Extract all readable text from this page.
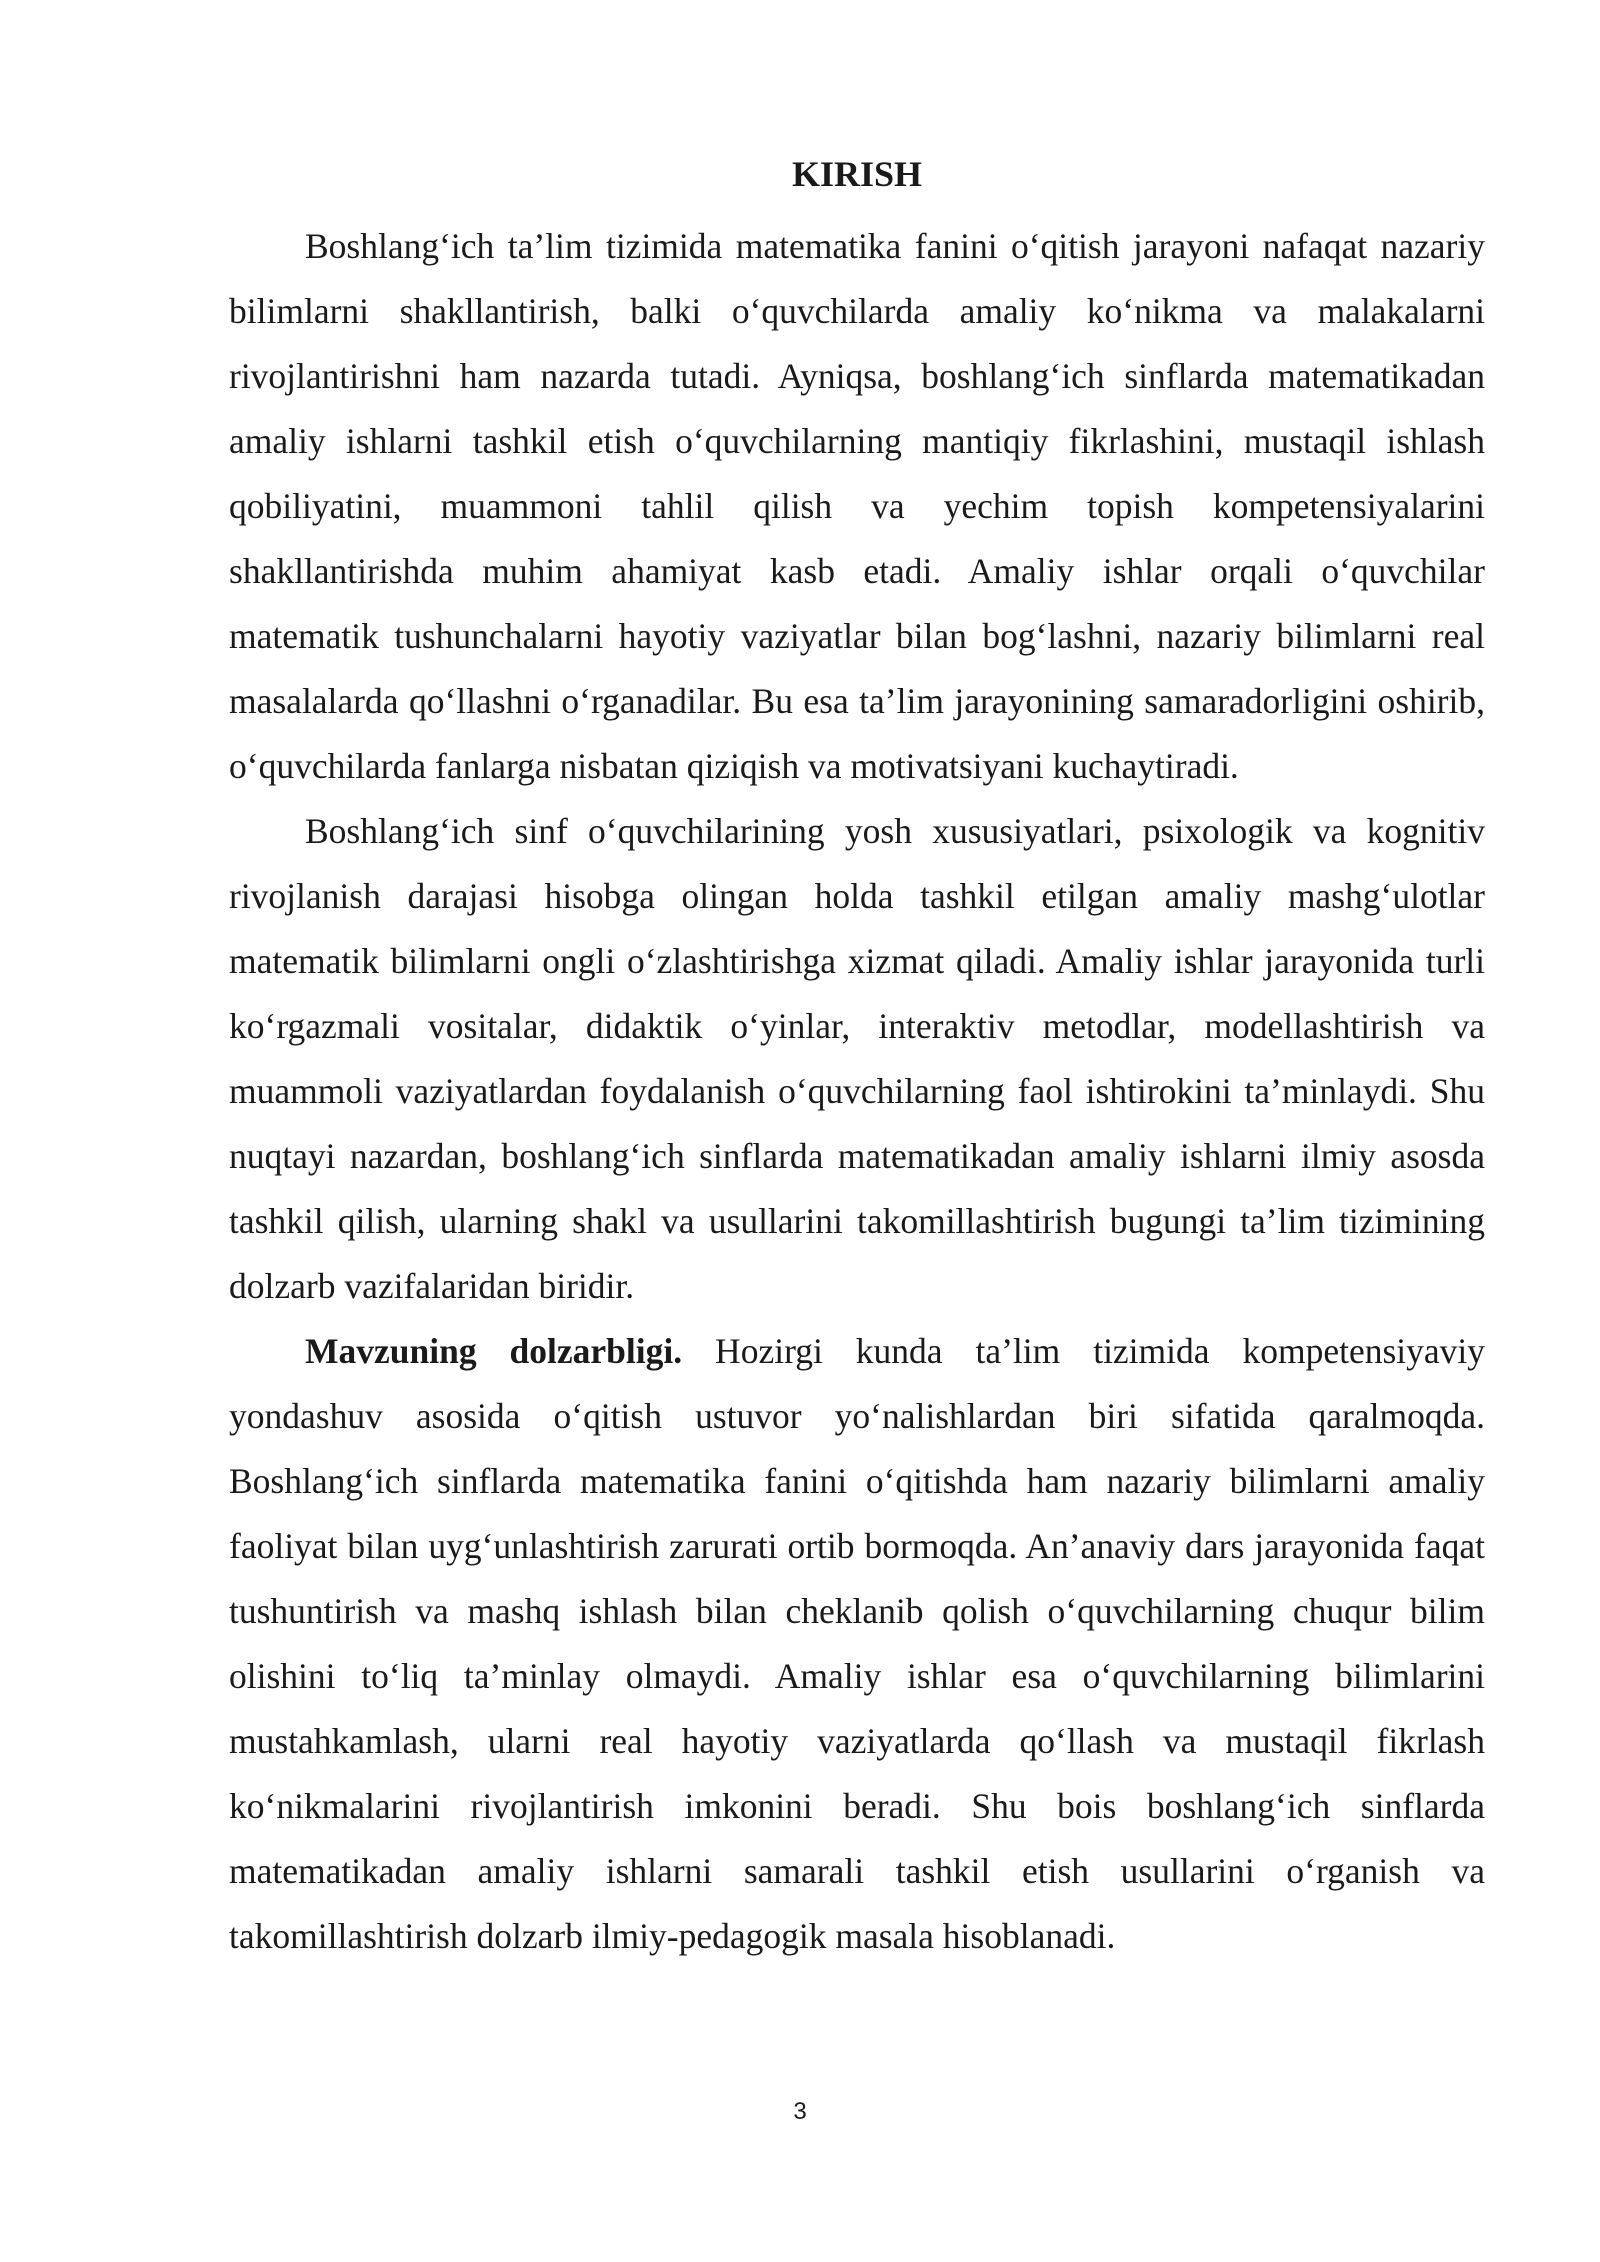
KIRISH

Boshlang‘ich ta’lim tizimida matematika fanini o‘qitish jarayoni nafaqat nazariy bilimlarni shakllantirish, balki o‘quvchilarda amaliy ko‘nikma va malakalarni rivojlantirishni ham nazarda tutadi. Ayniqsa, boshlang‘ich sinflarda matematikadan amaliy ishlarni tashkil etish o‘quvchilarning mantiqiy fikrlashini, mustaqil ishlash qobiliyatini, muammoni tahlil qilish va yechim topish kompetensiyalarini shakllantirishda muhim ahamiyat kasb etadi. Amaliy ishlar orqali o‘quvchilar matematik tushunchalarni hayotiy vaziyatlar bilan bog‘lashni, nazariy bilimlarni real masalalarda qo‘llashni o‘rganadilar. Bu esa ta’lim jarayonining samaradorligini oshirib, o‘quvchilarda fanlarga nisbatan qiziqish va motivatsiyani kuchaytiradi.

Boshlang‘ich sinf o‘quvchilarining yosh xususiyatlari, psixologik va kognitiv rivojlanish darajasi hisobga olingan holda tashkil etilgan amaliy mashg‘ulotlar matematik bilimlarni ongli o‘zlashtirishga xizmat qiladi. Amaliy ishlar jarayonida turli ko‘rgazmali vositalar, didaktik o‘yinlar, interaktiv metodlar, modellashtirish va muammoli vaziyatlardan foydalanish o‘quvchilarning faol ishtirokini ta’minlaydi. Shu nuqtayi nazardan, boshlang‘ich sinflarda matematikadan amaliy ishlarni ilmiy asosda tashkil qilish, ularning shakl va usullarini takomillashtirish bugungi ta’lim tizimining dolzarb vazifalaridan biridir.

Mavzuning dolzarbligi. Hozirgi kunda ta’lim tizimida kompetensiyaviy yondashuv asosida o‘qitish ustuvor yo‘nalishlardan biri sifatida qaralmoqda. Boshlang‘ich sinflarda matematika fanini o‘qitishda ham nazariy bilimlarni amaliy faoliyat bilan uyg‘unlashtirish zarurati ortib bormoqda. An’anaviy dars jarayonida faqat tushuntirish va mashq ishlash bilan cheklanib qolish o‘quvchilarning chuqur bilim olishini to‘liq ta’minlay olmaydi. Amaliy ishlar esa o‘quvchilarning bilimlarini mustahkamlash, ularni real hayotiy vaziyatlarda qo‘llash va mustaqil fikrlash ko‘nikmalarini rivojlantirish imkonini beradi. Shu bois boshlang‘ich sinflarda matematikadan amaliy ishlarni samarali tashkil etish usullarini o‘rganish va takomillashtirish dolzarb ilmiy-pedagogik masala hisoblanadi.

3
